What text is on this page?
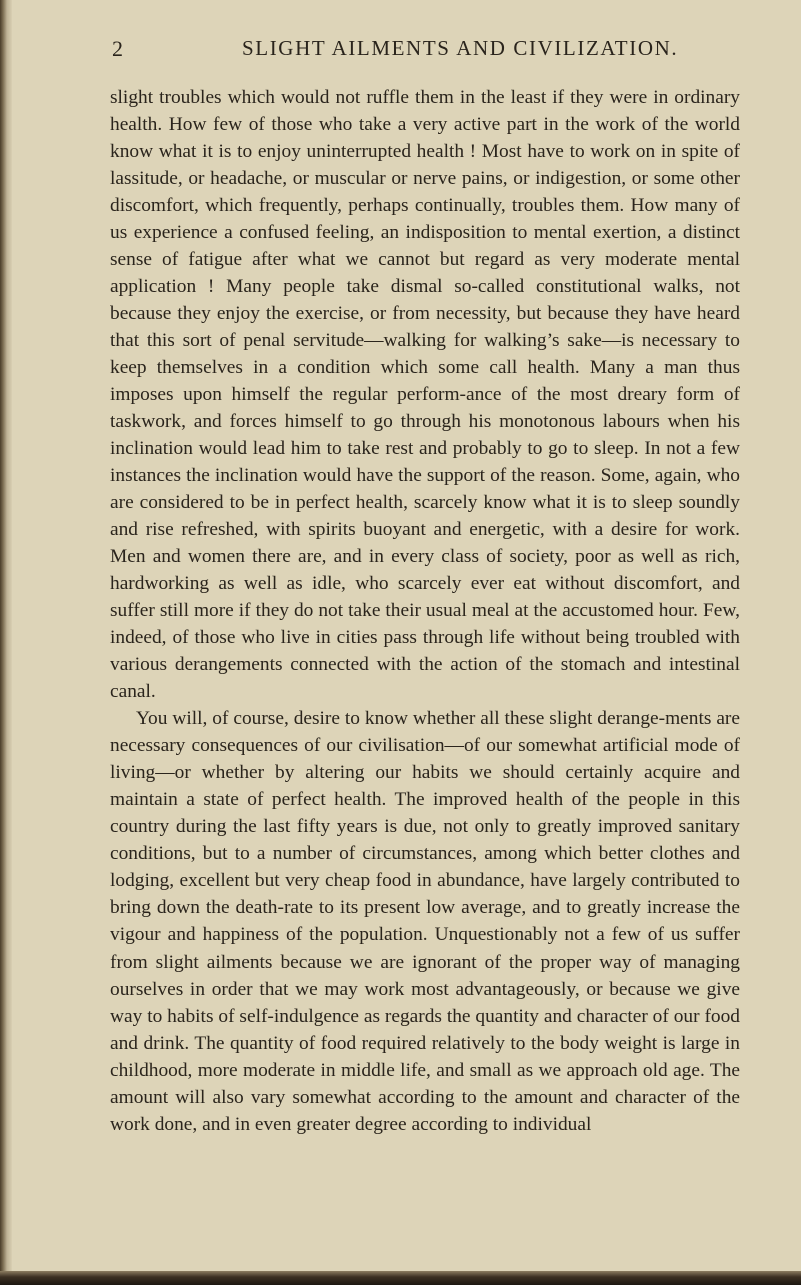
2	SLIGHT AILMENTS AND CIVILIZATION.

slight troubles which would not ruffle them in the least if they were in ordinary health. How few of those who take a very active part in the work of the world know what it is to enjoy uninterrupted health ! Most have to work on in spite of lassitude, or headache, or muscular or nerve pains, or indigestion, or some other discomfort, which frequently, perhaps continually, troubles them. How many of us experience a confused feeling, an indisposition to mental exertion, a distinct sense of fatigue after what we cannot but regard as very moderate mental application ! Many people take dismal so-called constitutional walks, not because they enjoy the exercise, or from necessity, but because they have heard that this sort of penal servitude—walking for walking’s sake—is necessary to keep themselves in a condition which some call health. Many a man thus imposes upon himself the regular perform-ance of the most dreary form of taskwork, and forces himself to go through his monotonous labours when his inclination would lead him to take rest and probably to go to sleep. In not a few instances the inclination would have the support of the reason. Some, again, who are considered to be in perfect health, scarcely know what it is to sleep soundly and rise refreshed, with spirits buoyant and energetic, with a desire for work. Men and women there are, and in every class of society, poor as well as rich, hardworking as well as idle, who scarcely ever eat without discomfort, and suffer still more if they do not take their usual meal at the accustomed hour. Few, indeed, of those who live in cities pass through life without being troubled with various derangements connected with the action of the stomach and intestinal canal.

You will, of course, desire to know whether all these slight derange-ments are necessary consequences of our civilisation—of our somewhat artificial mode of living—or whether by altering our habits we should certainly acquire and maintain a state of perfect health. The improved health of the people in this country during the last fifty years is due, not only to greatly improved sanitary conditions, but to a number of circumstances, among which better clothes and lodging, excellent but very cheap food in abundance, have largely contributed to bring down the death-rate to its present low average, and to greatly increase the vigour and happiness of the population. Unquestionably not a few of us suffer from slight ailments because we are ignorant of the proper way of managing ourselves in order that we may work most advantageously, or because we give way to habits of self-indulgence as regards the quantity and character of our food and drink. The quantity of food required relatively to the body weight is large in childhood, more moderate in middle life, and small as we approach old age. The amount will also vary somewhat according to the amount and character of the work done, and in even greater degree according to individual
